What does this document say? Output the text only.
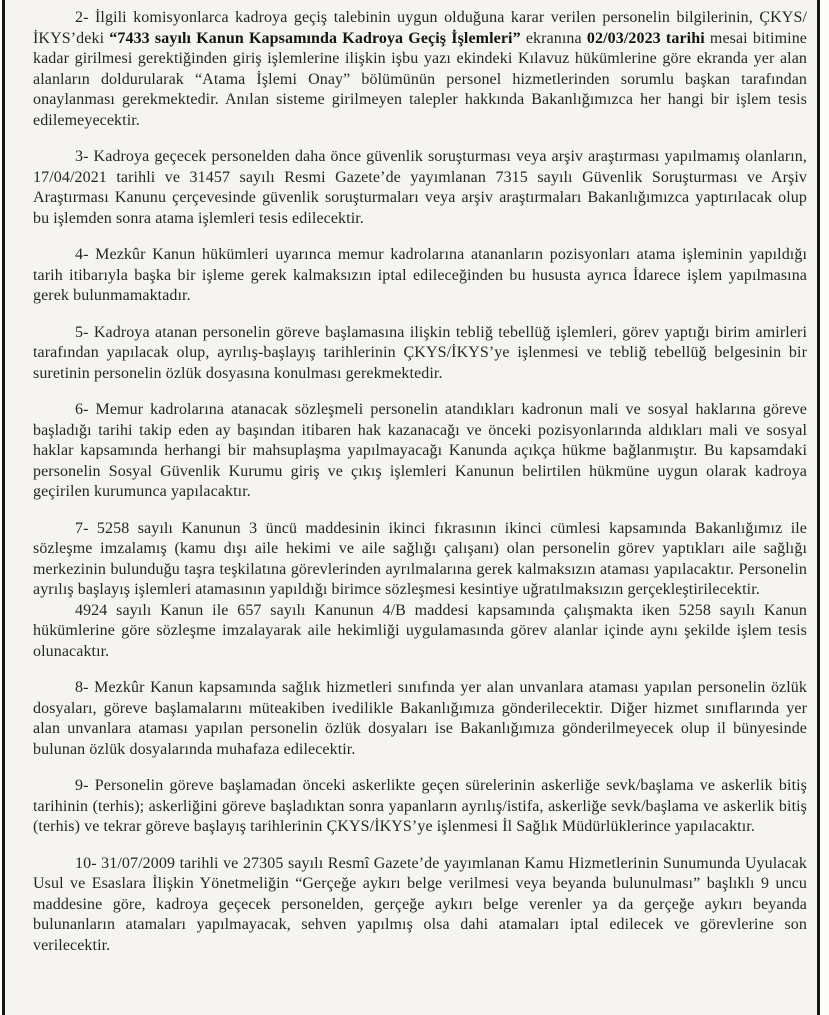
2- İlgili komisyonlarca kadroya geçiş talebinin uygun olduğuna karar verilen personelin bilgilerinin, ÇKYS/İKYS’deki “7433 sayılı Kanun Kapsamında Kadroya Geçiş İşlemleri” ekranına 02/03/2023 tarihi mesai bitimine kadar girilmesi gerektiğinden giriş işlemlerine ilişkin işbu yazı ekindeki Kılavuz hükümlerine göre ekranda yer alan alanların doldurularak “Atama İşlemi Onay” bölümünün personel hizmetlerinden sorumlu başkan tarafından onaylanması gerekmektedir. Anılan sisteme girilmeyen talepler hakkında Bakanlığımızca her hangi bir işlem tesis edilemeyecektir.

3- Kadroya geçecek personelden daha önce güvenlik soruşturması veya arşiv araştırması yapılmamış olanların, 17/04/2021 tarihli ve 31457 sayılı Resmi Gazete’de yayımlanan 7315 sayılı Güvenlik Soruşturması ve Arşiv Araştırması Kanunu çerçevesinde güvenlik soruşturmaları veya arşiv araştırmaları Bakanlığımızca yaptırılacak olup bu işlemden sonra atama işlemleri tesis edilecektir.

4- Mezkûr Kanun hükümleri uyarınca memur kadrolarına atananların pozisyonları atama işleminin yapıldığı tarih itibarıyla başka bir işleme gerek kalmaksızın iptal edileceğinden bu hususta ayrıca İdarece işlem yapılmasına gerek bulunmamaktadır.

5- Kadroya atanan personelin göreve başlamasına ilişkin tebliğ tebellüğ işlemleri, görev yaptığı birim amirleri tarafından yapılacak olup, ayrılış-başlayış tarihlerinin ÇKYS/İKYS’ye işlenmesi ve tebliğ tebellüğ belgesinin bir suretinin personelin özlük dosyasına konulması gerekmektedir.

6- Memur kadrolarına atanacak sözleşmeli personelin atandıkları kadronun mali ve sosyal haklarına göreve başladığı tarihi takip eden ay başından itibaren hak kazanacağı ve önceki pozisyonlarında aldıkları mali ve sosyal haklar kapsamında herhangi bir mahsuplaşma yapılmayacağı Kanunda açıkça hükme bağlanmıştır. Bu kapsamdaki personelin Sosyal Güvenlik Kurumu giriş ve çıkış işlemleri Kanunun belirtilen hükmüne uygun olarak kadroya geçirilen kurumunca yapılacaktır.

7- 5258 sayılı Kanunun 3 üncü maddesinin ikinci fıkrasının ikinci cümlesi kapsamında Bakanlığımız ile sözleşme imzalamış (kamu dışı aile hekimi ve aile sağlığı çalışanı) olan personelin görev yaptıkları aile sağlığı merkezinin bulunduğu taşra teşkilatına görevlerinden ayrılmalarına gerek kalmaksızın ataması yapılacaktır. Personelin ayrılış başlayış işlemleri atamasının yapıldığı birimce sözleşmesi kesintiye uğratılmaksızın gerçekleştirilecektir.

4924 sayılı Kanun ile 657 sayılı Kanunun 4/B maddesi kapsamında çalışmakta iken 5258 sayılı Kanun hükümlerine göre sözleşme imzalayarak aile hekimliği uygulamasında görev alanlar içinde aynı şekilde işlem tesis olunacaktır.

8- Mezkûr Kanun kapsamında sağlık hizmetleri sınıfında yer alan unvanlara ataması yapılan personelin özlük dosyaları, göreve başlamalarını müteakiben ivedilikle Bakanlığımıza gönderilecektir. Diğer hizmet sınıflarında yer alan unvanlara ataması yapılan personelin özlük dosyaları ise Bakanlığımıza gönderilmeyecek olup il bünyesinde bulunan özlük dosyalarında muhafaza edilecektir.

9- Personelin göreve başlamadan önceki askerlikte geçen sürelerinin askerliğe sevk/başlama ve askerlik bitiş tarihinin (terhis); askerliğini göreve başladıktan sonra yapanların ayrılış/istifa, askerliğe sevk/başlama ve askerlik bitiş (terhis) ve tekrar göreve başlayış tarihlerinin ÇKYS/İKYS’ye işlenmesi İl Sağlık Müdürlüklerince yapılacaktır.

10- 31/07/2009 tarihli ve 27305 sayılı Resmî Gazete’de yayımlanan Kamu Hizmetlerinin Sunumunda Uyulacak Usul ve Esaslara İlişkin Yönetmeliğin “Gerçeğe aykırı belge verilmesi veya beyanda bulunulması” başlıklı 9 uncu maddesine göre, kadroya geçecek personelden, gerçeğe aykırı belge verenler ya da gerçeğe aykırı beyanda bulunanların atamaları yapılmayacak, sehven yapılmış olsa dahi atamaları iptal edilecek ve görevlerine son verilecektir.
